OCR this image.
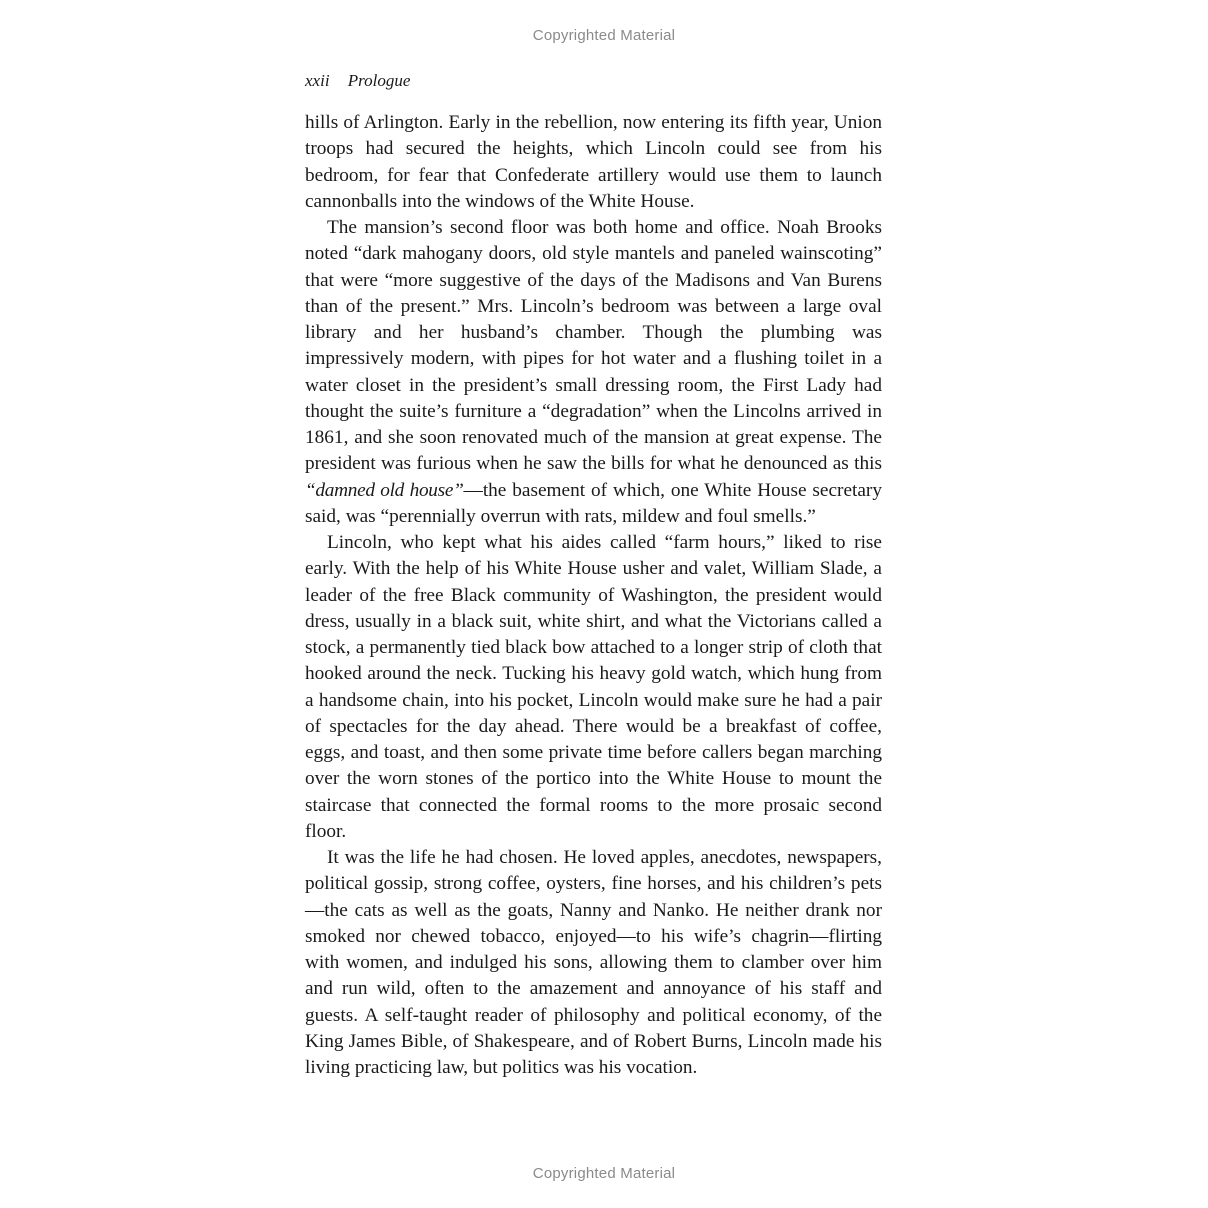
Copyrighted Material
xxii Prologue

hills of Arlington. Early in the rebellion, now entering its fifth year, Union troops had secured the heights, which Lincoln could see from his bedroom, for fear that Confederate artillery would use them to launch cannonballs into the windows of the White House.

The mansion’s second floor was both home and office. Noah Brooks noted “dark mahogany doors, old style mantels and paneled wainscoting” that were “more suggestive of the days of the Madisons and Van Burens than of the present.” Mrs. Lincoln’s bedroom was between a large oval library and her husband’s chamber. Though the plumbing was impressively modern, with pipes for hot water and a flushing toilet in a water closet in the president’s small dressing room, the First Lady had thought the suite’s furniture a “degradation” when the Lincolns arrived in 1861, and she soon renovated much of the mansion at great expense. The president was furious when he saw the bills for what he denounced as this “damned old house”—the basement of which, one White House secretary said, was “perennially overrun with rats, mildew and foul smells.”

Lincoln, who kept what his aides called “farm hours,” liked to rise early. With the help of his White House usher and valet, William Slade, a leader of the free Black community of Washington, the president would dress, usually in a black suit, white shirt, and what the Victorians called a stock, a permanently tied black bow attached to a longer strip of cloth that hooked around the neck. Tucking his heavy gold watch, which hung from a handsome chain, into his pocket, Lincoln would make sure he had a pair of spectacles for the day ahead. There would be a breakfast of coffee, eggs, and toast, and then some private time before callers began marching over the worn stones of the portico into the White House to mount the staircase that connected the formal rooms to the more prosaic second floor.

It was the life he had chosen. He loved apples, anecdotes, newspapers, political gossip, strong coffee, oysters, fine horses, and his children’s pets—the cats as well as the goats, Nanny and Nanko. He neither drank nor smoked nor chewed tobacco, enjoyed—to his wife’s chagrin—flirting with women, and indulged his sons, allowing them to clamber over him and run wild, often to the amazement and annoyance of his staff and guests. A self-taught reader of philosophy and political economy, of the King James Bible, of Shakespeare, and of Robert Burns, Lincoln made his living practicing law, but politics was his vocation.

Copyrighted Material
